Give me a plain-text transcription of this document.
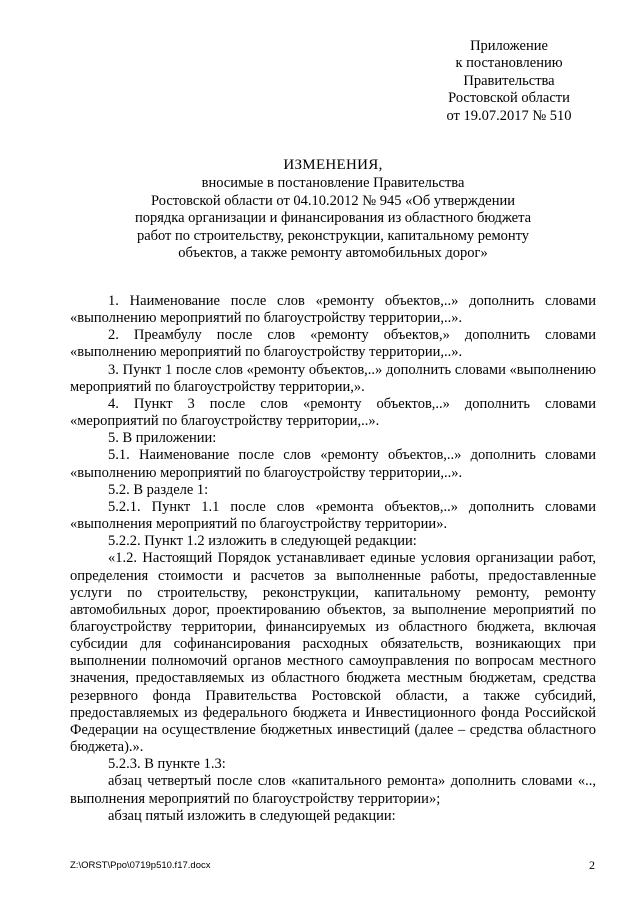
Приложение
к постановлению
Правительства
Ростовской области
от 19.07.2017 № 510
ИЗМЕНЕНИЯ,
вносимые в постановление Правительства
Ростовской области от 04.10.2012 № 945 «Об утверждении
порядка организации и финансирования из областного бюджета
работ по строительству, реконструкции, капитальному ремонту
объектов, а также ремонту автомобильных дорог»

1. Наименование после слов «ремонту объектов,..» дополнить словами «выполнению мероприятий по благоустройству территории,..».

2. Преамбулу после слов «ремонту объектов,» дополнить словами «выполнению мероприятий по благоустройству территории,..».

3. Пункт 1 после слов «ремонту объектов,..» дополнить словами «выполнению мероприятий по благоустройству территории,».

4. Пункт 3 после слов «ремонту объектов,..» дополнить словами «мероприятий по благоустройству территории,..».

5. В приложении:

5.1. Наименование после слов «ремонту объектов,..» дополнить словами «выполнению мероприятий по благоустройству территории,..».

5.2. В разделе 1:

5.2.1. Пункт 1.1 после слов «ремонта объектов,..» дополнить словами «выполнения мероприятий по благоустройству территории».

5.2.2. Пункт 1.2 изложить в следующей редакции:

«1.2. Настоящий Порядок устанавливает единые условия организации работ, определения стоимости и расчетов за выполненные работы, предоставленные услуги по строительству, реконструкции, капитальному ремонту, ремонту автомобильных дорог, проектированию объектов, за выполнение мероприятий по благоустройству территории, финансируемых из областного бюджета, включая субсидии для софинансирования расходных обязательств, возникающих при выполнении полномочий органов местного самоуправления по вопросам местного значения, предоставляемых из областного бюджета местным бюджетам, средства резервного фонда Правительства Ростовской области, а также субсидий, предоставляемых из федерального бюджета и Инвестиционного фонда Российской Федерации на осуществление бюджетных инвестиций (далее – средства областного бюджета).».

5.2.3. В пункте 1.3:

абзац четвертый после слов «капитального ремонта» дополнить словами «.., выполнения мероприятий по благоустройству территории»;

абзац пятый изложить в следующей редакции:

Z:\ORST\Ppo\0719p510.f17.docx	2
